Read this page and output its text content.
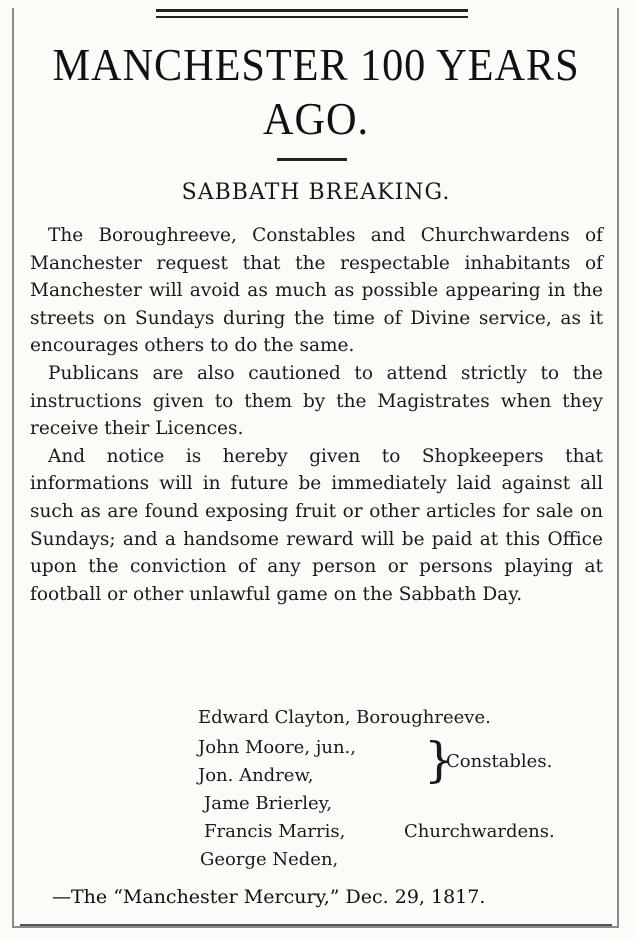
MANCHESTER 100 YEARS
AGO.
SABBATH BREAKING.

The Boroughreeve, Constables and Churchwardens of Manchester request that the respectable inhabitants of Manchester will avoid as much as possible appearing in the streets on Sundays during the time of Divine service, as it encourages others to do the same.

Publicans are also cautioned to attend strictly to the instructions given to them by the Magistrates when they receive their Licences.

And notice is hereby given to Shopkeepers that informations will in future be immediately laid against all such as are found exposing fruit or other articles for sale on Sundays; and a handsome reward will be paid at this Office upon the conviction of any person or persons playing at football or other unlawful game on the Sabbath Day.

Edward Clayton, Boroughreeve.
John Moore, jun.,
Jon. Andrew, }
Constables.
Jame Brierley,
Francis Marris,	Churchwardens.
George Neden,
—The “Manchester Mercury,” Dec. 29, 1817.
